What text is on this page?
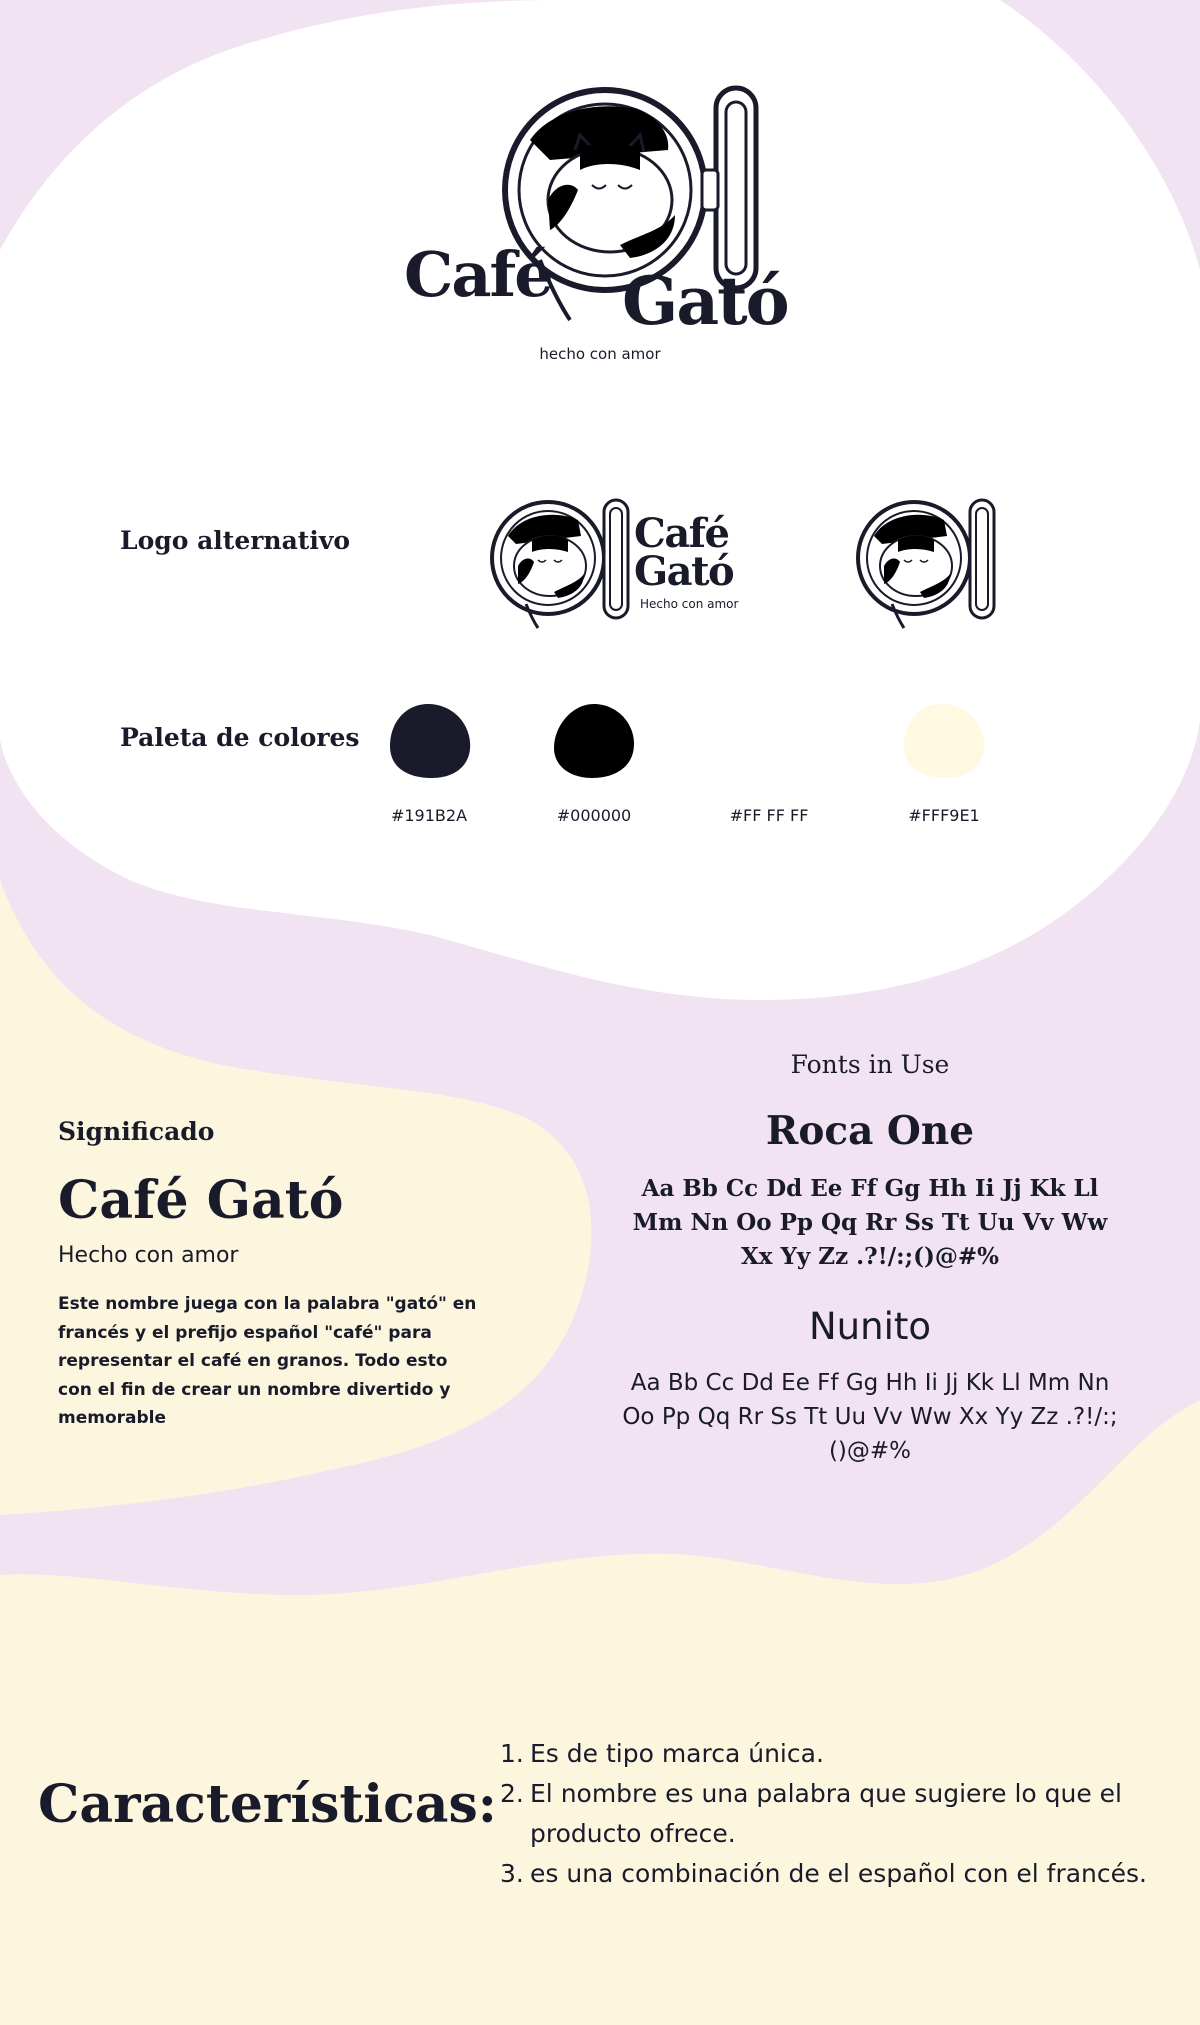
Café Gató
hecho con amor
Logo alternativo	Café
Gató
Hecho con amor
Paleta de colores
#191B2A	#000000	#FF FF FF	#FFF9E1
Significado
Café Gató
Hecho con amor
Este nombre juega con la palabra "gató" en francés y el prefijo español "café" para representar el café en granos. Todo esto con el fin de crear un nombre divertido y memorable
Fonts in Use
Roca One
Aa Bb Cc Dd Ee Ff Gg Hh Ii Jj Kk Ll Mm Nn Oo Pp Qq Rr Ss Tt Uu Vv Ww Xx Yy Zz .?!/:;()@#%
Nunito
Aa Bb Cc Dd Ee Ff Gg Hh Ii Jj Kk Ll Mm Nn Oo Pp Qq Rr Ss Tt Uu Vv Ww Xx Yy Zz .?!/:;()@#%
Características:
1. Es de tipo marca única.
2. El nombre es una palabra que sugiere lo que el producto ofrece.
3. es una combinación de el español con el francés.
